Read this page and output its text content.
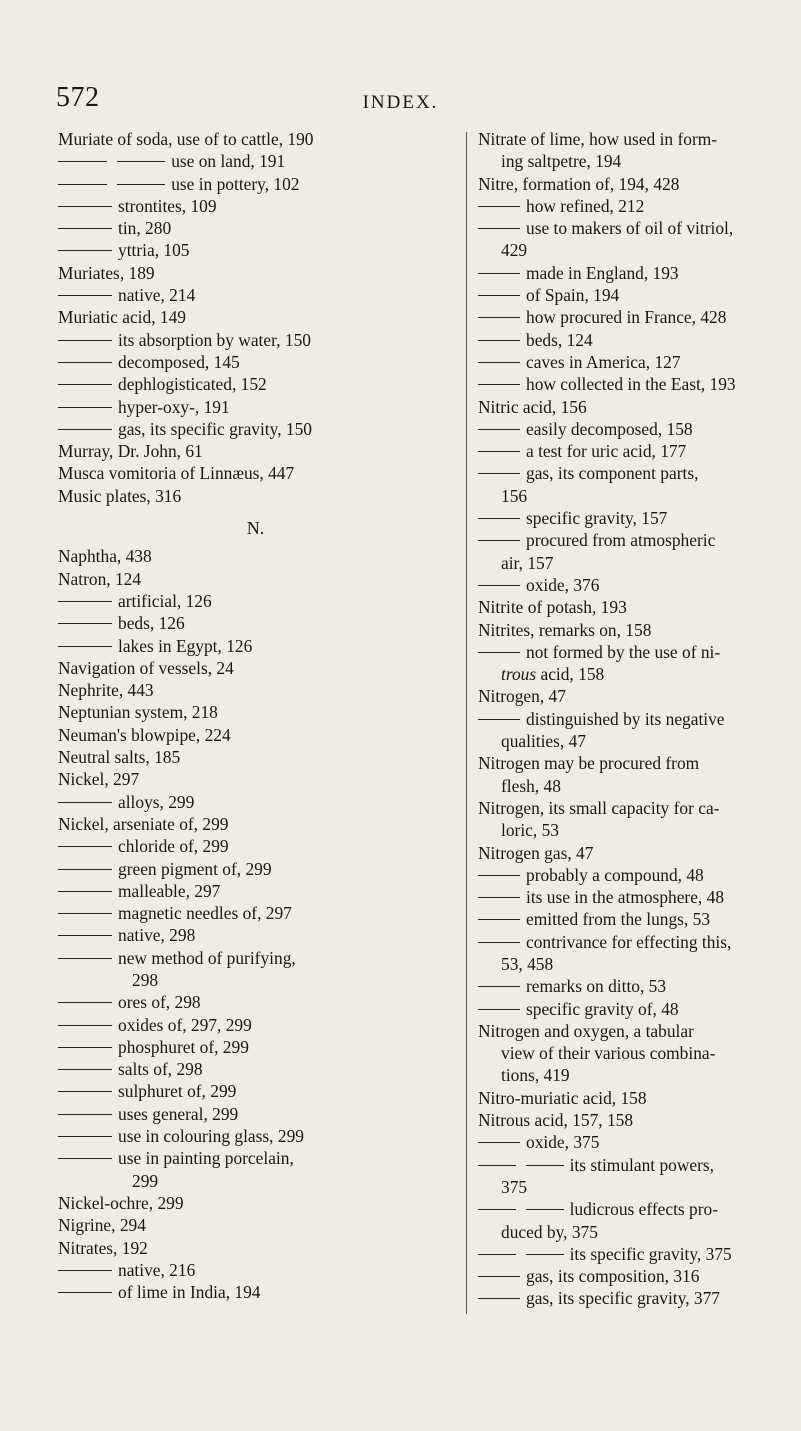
572	INDEX.
Muriate of soda, use of to cattle, 190
use on land, 191
use in pottery, 102
strontites, 109
tin, 280
yttria, 105
Muriates, 189
native, 214
Muriatic acid, 149
its absorption by water, 150
decomposed, 145
dephlogisticated, 152
hyper-oxy-, 191
gas, its specific gravity, 150
Murray, Dr. John, 61
Musca vomitoria of Linnæus, 447
Music plates, 316
N.
Naphtha, 438
Natron, 124
artificial, 126
beds, 126
lakes in Egypt, 126
Navigation of vessels, 24
Nephrite, 443
Neptunian system, 218
Neuman's blowpipe, 224
Neutral salts, 185
Nickel, 297
alloys, 299
Nickel, arseniate of, 299
chloride of, 299
green pigment of, 299
malleable, 297
magnetic needles of, 297
native, 298
new method of purifying,
298
ores of, 298
oxides of, 297, 299
phosphuret of, 299
salts of, 298
sulphuret of, 299
uses general, 299
use in colouring glass, 299
use in painting porcelain,
299
Nickel-ochre, 299
Nigrine, 294
Nitrates, 192
native, 216
of lime in India, 194
Nitrate of lime, how used in form-
ing saltpetre, 194
Nitre, formation of, 194, 428
how refined, 212
use to makers of oil of vitriol,
429
made in England, 193
of Spain, 194
how procured in France, 428
beds, 124
caves in America, 127
how collected in the East, 193
Nitric acid, 156
easily decomposed, 158
a test for uric acid, 177
gas, its component parts,
156
specific gravity, 157
procured from atmospheric
air, 157
oxide, 376
Nitrite of potash, 193
Nitrites, remarks on, 158
not formed by the use of ni-
trous acid, 158
Nitrogen, 47
distinguished by its negative
qualities, 47
Nitrogen may be procured from
flesh, 48
Nitrogen, its small capacity for ca-
loric, 53
Nitrogen gas, 47
probably a compound, 48
its use in the atmosphere, 48
emitted from the lungs, 53
contrivance for effecting this,
53, 458
remarks on ditto, 53
specific gravity of, 48
Nitrogen and oxygen, a tabular
view of their various combina-
tions, 419
Nitro-muriatic acid, 158
Nitrous acid, 157, 158
oxide, 375
its stimulant powers,
375
ludicrous effects pro-
duced by, 375
its specific gravity, 375
gas, its composition, 316
gas, its specific gravity, 377
